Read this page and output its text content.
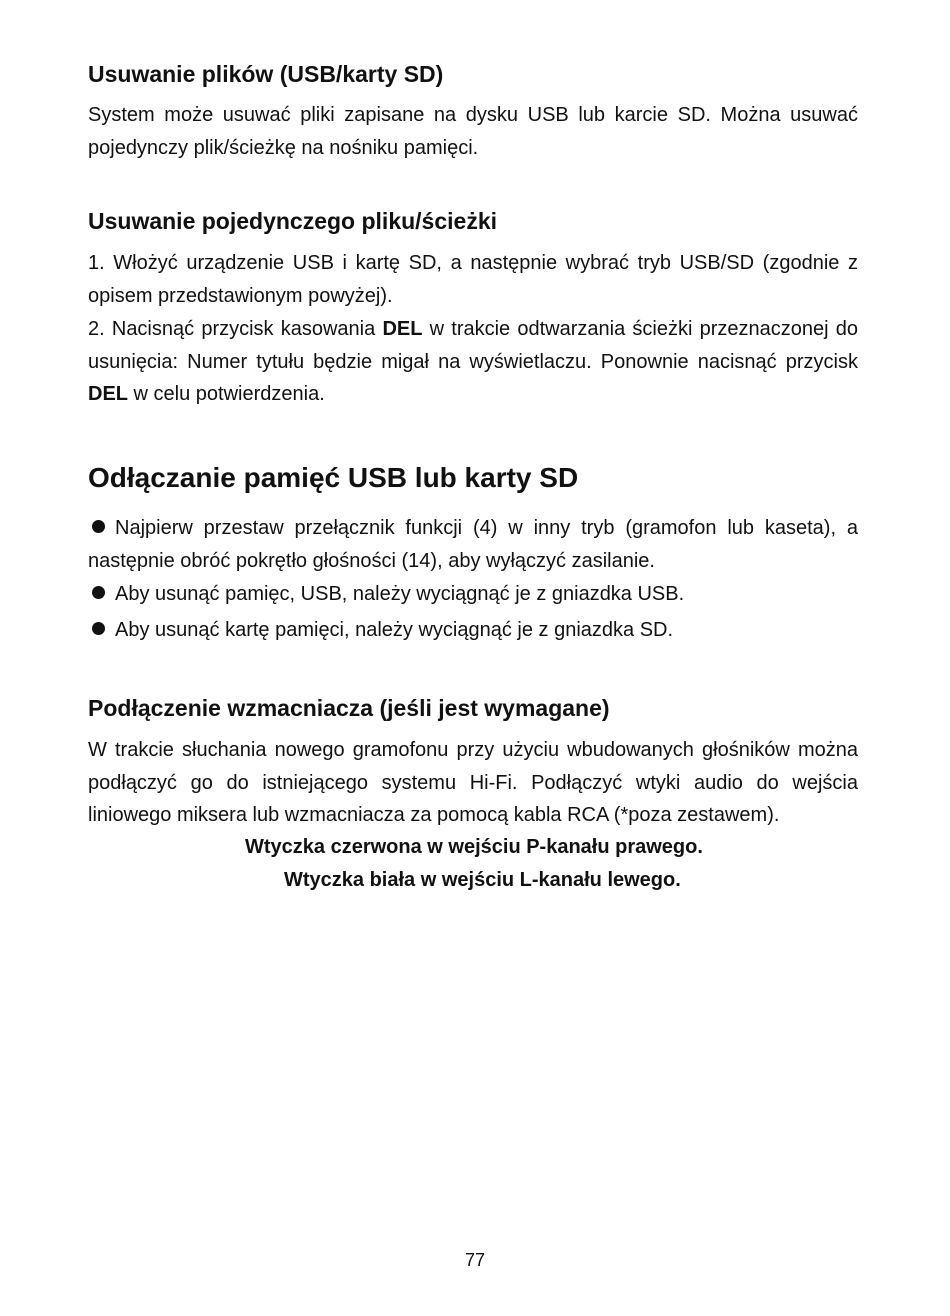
Usuwanie plików (USB/karty SD)

System może usuwać pliki zapisane na dysku USB lub karcie SD. Można usuwać pojedynczy plik/ścieżkę na nośniku pamięci.

Usuwanie pojedynczego pliku/ścieżki

1. Włożyć urządzenie USB i kartę SD, a następnie wybrać tryb USB/SD (zgodnie z opisem przedstawionym powyżej).

2. Nacisnąć przycisk kasowania DEL w trakcie odtwarzania ścieżki przeznaczonej do usunięcia: Numer tytułu będzie migał na wyświetlaczu. Ponownie nacisnąć przycisk DEL w celu potwierdzenia.

Odłączanie pamięć USB lub karty SD

Najpierw przestaw przełącznik funkcji (4) w inny tryb (gramofon lub kaseta), a następnie obróć pokrętło głośności (14), aby wyłączyć zasilanie.

Aby usunąć pamięc, USB, należy wyciągnąć je z gniazdka USB.

Aby usunąć kartę pamięci, należy wyciągnąć je z gniazdka SD.

Podłączenie wzmacniacza (jeśli jest wymagane)

W trakcie słuchania nowego gramofonu przy użyciu wbudowanych głośników można podłączyć go do istniejącego systemu Hi-Fi. Podłączyć wtyki audio do wejścia liniowego miksera lub wzmacniacza za pomocą kabla RCA (*poza zestawem).

Wtyczka czerwona w wejściu P-kanału prawego.
Wtyczka biała w wejściu L-kanału lewego.
77
